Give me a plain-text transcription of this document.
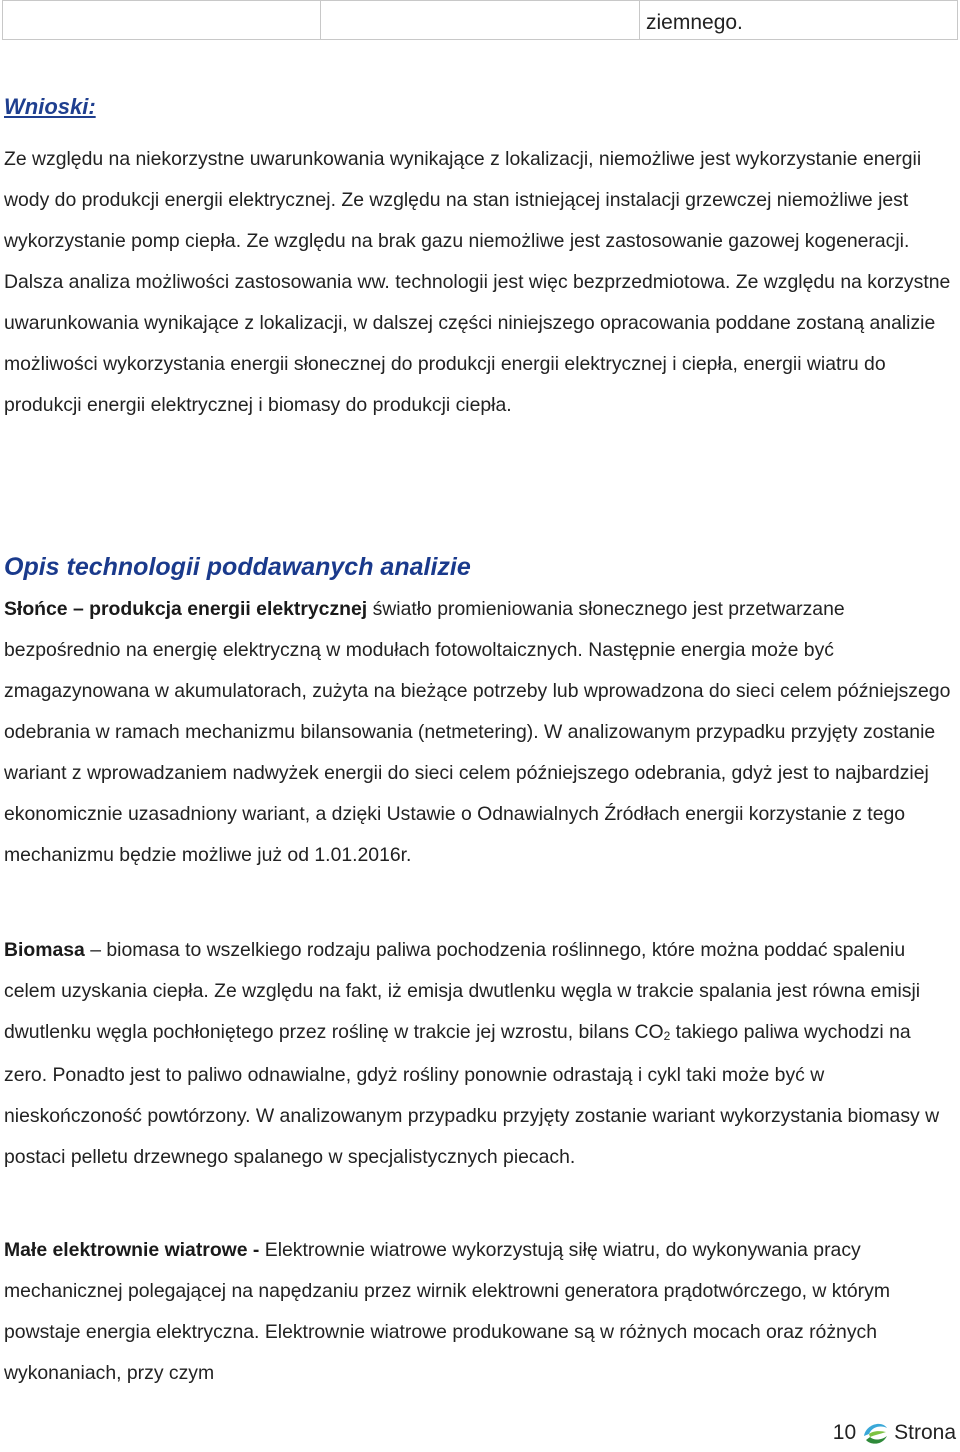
		ziemnego.
Wnioski:

Ze względu na niekorzystne uwarunkowania wynikające z lokalizacji, niemożliwe jest wykorzystanie energii wody do produkcji energii elektrycznej. Ze względu na stan istniejącej instalacji grzewczej niemożliwe jest wykorzystanie pomp ciepła. Ze względu na brak gazu niemożliwe jest zastosowanie gazowej kogeneracji. Dalsza analiza możliwości zastosowania ww. technologii jest więc bezprzedmiotowa. Ze względu na korzystne uwarunkowania wynikające z lokalizacji, w dalszej części niniejszego opracowania poddane zostaną analizie możliwości wykorzystania energii słonecznej do produkcji energii elektrycznej i ciepła, energii wiatru do produkcji energii elektrycznej i biomasy do produkcji ciepła.

Opis technologii poddawanych analizie

Słońce – produkcja energii elektrycznej światło promieniowania słonecznego jest przetwarzane bezpośrednio na energię elektryczną w modułach fotowoltaicznych. Następnie energia może być zmagazynowana w akumulatorach, zużyta na bieżące potrzeby lub wprowadzona do sieci celem późniejszego odebrania w ramach mechanizmu bilansowania (netmetering). W analizowanym przypadku przyjęty zostanie wariant z wprowadzaniem nadwyżek energii do sieci celem późniejszego odebrania, gdyż jest to najbardziej ekonomicznie uzasadniony wariant, a dzięki Ustawie o Odnawialnych Źródłach energii korzystanie z tego mechanizmu będzie możliwe już od 1.01.2016r.

Biomasa – biomasa to wszelkiego rodzaju paliwa pochodzenia roślinnego, które można poddać spaleniu celem uzyskania ciepła. Ze względu na fakt, iż emisja dwutlenku węgla w trakcie spalania jest równa emisji dwutlenku węgla pochłoniętego przez roślinę w trakcie jej wzrostu, bilans $CO_2$ takiego paliwa wychodzi na zero. Ponadto jest to paliwo odnawialne, gdyż rośliny ponownie odrastają i cykl taki może być w nieskończoność powtórzony. W analizowanym przypadku przyjęty zostanie wariant wykorzystania biomasy w postaci pelletu drzewnego spalanego w specjalistycznych piecach.

Małe elektrownie wiatrowe - Elektrownie wiatrowe wykorzystują siłę wiatru, do wykonywania pracy mechanicznej polegającej na napędzaniu przez wirnik elektrowni generatora prądotwórczego, w którym powstaje energia elektryczna. Elektrownie wiatrowe produkowane są w różnych mocach oraz różnych wykonaniach, przy czym

10 Strona
